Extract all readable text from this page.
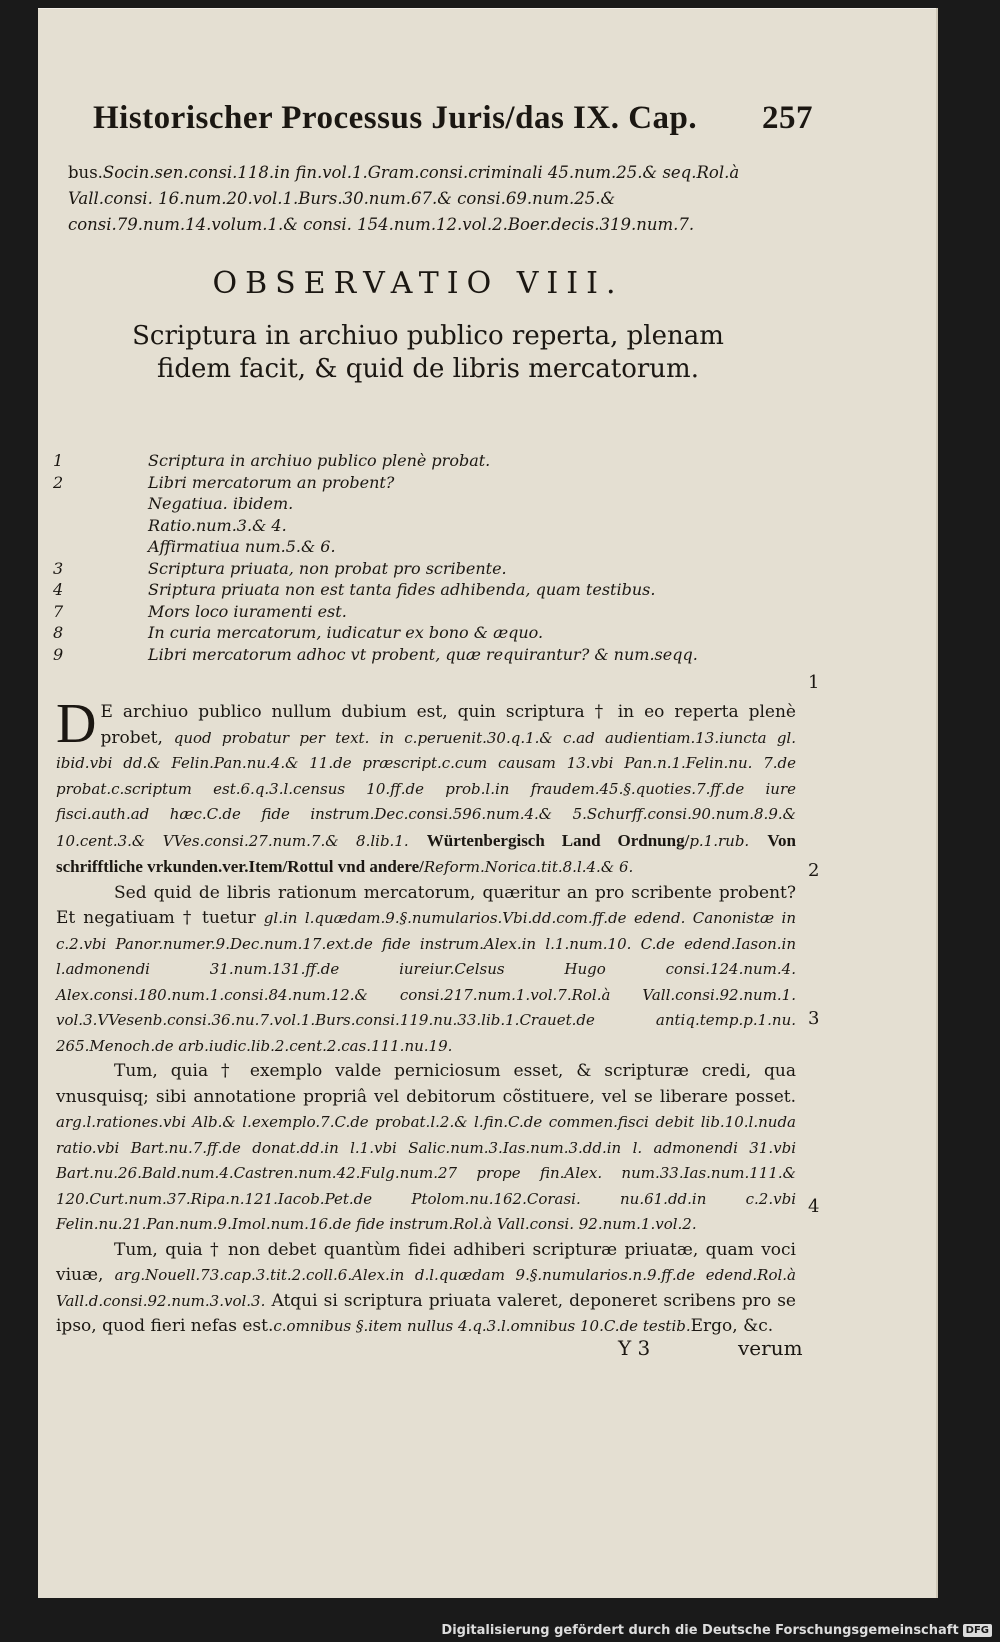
Historischer Processus Juris/das IX. Cap. 257
bus.Socin.sen.consi.118.in fin.vol.1.Gram.consi.criminali 45.num.25.& seq.Rol.à Vall.consi. 16.num.20.vol.1.Burs.30.num.67.& consi.69.num.25.& consi.79.num.14.volum.1.& consi. 154.num.12.vol.2.Boer.decis.319.num.7.
OBSERVATIO VIII.
Scriptura in archiuo publico reperta, plenam fidem facit, & quid de libris mercatorum.
1	Scriptura in archiuo publico plenè probat.
2	Libri mercatorum an probent?
Negatiua. ibidem.
Ratio.num.3.& 4.
Affirmatiua num.5.& 6.
3	Scriptura priuata, non probat pro scribente.
4	Sriptura priuata non est tanta fides adhibenda, quam testibus.
7	Mors loco iuramenti est.
8	In curia mercatorum, iudicatur ex bono & æquo.
9	Libri mercatorum adhoc vt probent, quæ requirantur? & num.seqq.

D E archiuo publico nullum dubium est, quin scriptura † in eo reperta plenè probet, quod probatur per text. in c.peruenit.30.q.1.& c.ad audientiam.13.iuncta gl. ibid.vbi dd.& Felin.Pan.nu.4.& 11.de præscript.c.cum causam 13.vbi Pan.n.1.Felin.nu. 7.de probat.c.scriptum est.6.q.3.l.census 10.ff.de prob.l.in fraudem.45.§.quoties.7.ff.de iure fisci.auth.ad hæc.C.de fide instrum.Dec.consi.596.num.4.& 5.Schurff.consi.90.num.8.9.& 10.cent.3.& VVes.consi.27.num.7.& 8.lib.1. Würtenbergisch Land Ordnung/p.1.rub. Von schrifftliche vrkunden.ver.Item/Rottul vnd andere/Reform.Norica.tit.8.l.4.& 6.

Sed quid de libris rationum mercatorum, quæritur an pro scribente probent? Et negatiuam † tuetur gl.in l.quædam.9.§.numularios.Vbi.dd.com.ff.de edend. Canonistæ in c.2.vbi Panor.numer.9.Dec.num.17.ext.de fide instrum.Alex.in l.1.num.10. C.de edend.Iason.in l.admonendi 31.num.131.ff.de iureiur.Celsus Hugo consi.124.num.4. Alex.consi.180.num.1.consi.84.num.12.& consi.217.num.1.vol.7.Rol.à Vall.consi.92.num.1. vol.3.VVesenb.consi.36.nu.7.vol.1.Burs.consi.119.nu.33.lib.1.Crauet.de antiq.temp.p.1.nu. 265.Menoch.de arb.iudic.lib.2.cent.2.cas.111.nu.19.

Tum, quia † exemplo valde perniciosum esset, & scripturæ credi, qua vnusquisq; sibi annotatione propriâ vel debitorum cõstituere, vel se liberare posset. arg.l.rationes.vbi Alb.& l.exemplo.7.C.de probat.l.2.& l.fin.C.de commen.fisci debit lib.10.l.nuda ratio.vbi Bart.nu.7.ff.de donat.dd.in l.1.vbi Salic.num.3.Ias.num.3.dd.in l. admonendi 31.vbi Bart.nu.26.Bald.num.4.Castren.num.42.Fulg.num.27 prope fin.Alex. num.33.Ias.num.111.& 120.Curt.num.37.Ripa.n.121.Iacob.Pet.de Ptolom.nu.162.Corasi. nu.61.dd.in c.2.vbi Felin.nu.21.Pan.num.9.Imol.num.16.de fide instrum.Rol.à Vall.consi. 92.num.1.vol.2.

Tum, quia † non debet quantùm fidei adhiberi scripturæ priuatæ, quam voci viuæ, arg.Nouell.73.cap.3.tit.2.coll.6.Alex.in d.l.quædam 9.§.numularios.n.9.ff.de edend.Rol.à Vall.d.consi.92.num.3.vol.3. Atqui si scriptura priuata valeret, deponeret scribens pro se ipso, quod fieri nefas est.c.omnibus §.item nullus 4.q.3.l.omnibus 10.C.de testib.Ergo, &c.

1
2
3
4
Y 3	verum
Digitalisierung gefördert durch die Deutsche Forschungsgemeinschaft DFG
